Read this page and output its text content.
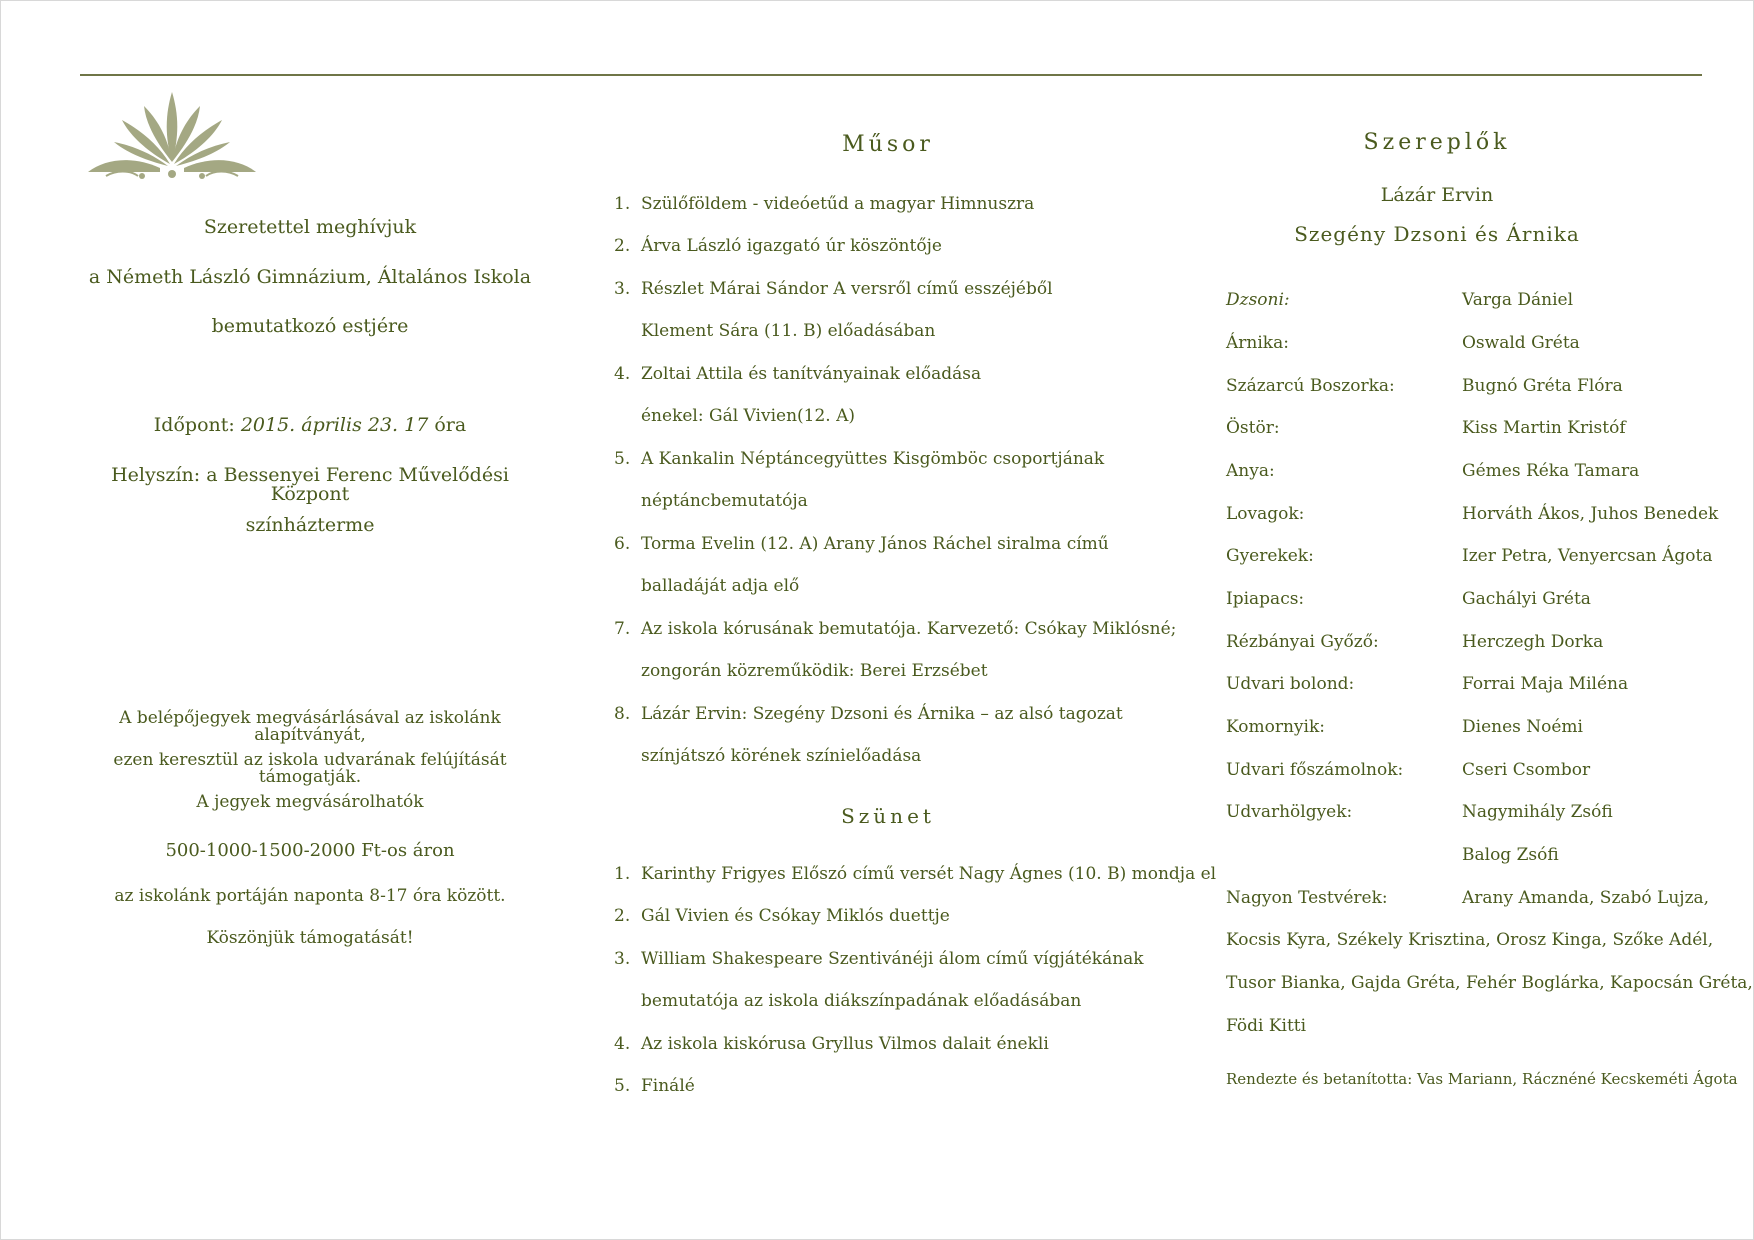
Szeretettel meghívjuk
a Németh László Gimnázium, Általános Iskola
bemutatkozó estjére
Időpont: 2015. április 23. 17 óra
Helyszín: a Bessenyei Ferenc Művelődési Központ
színházterme
A belépőjegyek megvásárlásával az iskolánk alapítványát,
ezen keresztül az iskola udvarának felújítását támogatják.
A jegyek megvásárolhatók
500-1000-1500-2000 Ft-os áron
az iskolánk portáján naponta 8-17 óra között.
Köszönjük támogatását!
Műsor
1. Szülőföldem - videóetűd a magyar Himnuszra
2. Árva László igazgató úr köszöntője
3. Részlet Márai Sándor A versről című esszéjéből
Klement Sára (11. B) előadásában
4. Zoltai Attila és tanítványainak előadása
énekel: Gál Vivien(12. A)
5. A Kankalin Néptáncegyüttes Kisgömböc csoportjának
néptáncbemutatója
6. Torma Evelin (12. A) Arany János Ráchel siralma című
balladáját adja elő
7. Az iskola kórusának bemutatója. Karvezető: Csókay Miklósné;
zongorán közreműködik: Berei Erzsébet
8. Lázár Ervin: Szegény Dzsoni és Árnika – az alsó tagozat
színjátszó körének színielőadása
Szünet
1. Karinthy Frigyes Előszó című versét Nagy Ágnes (10. B) mondja el
2. Gál Vivien és Csókay Miklós duettje
3. William Shakespeare Szentivánéji álom című vígjátékának
bemutatója az iskola diákszínpadának előadásában
4. Az iskola kiskórusa Gryllus Vilmos dalait énekli
5. Finálé
Szereplők
Lázár Ervin
Szegény Dzsoni és Árnika
Dzsoni:	Varga Dániel
Árnika:	Oswald Gréta
Százarcú Boszorka:	Bugnó Gréta Flóra
Östör:	Kiss Martin Kristóf
Anya:	Gémes Réka Tamara
Lovagok:	Horváth Ákos, Juhos Benedek
Gyerekek:	Izer Petra, Venyercsan Ágota
Ipiapacs:	Gachályi Gréta
Rézbányai Győző:	Herczegh Dorka
Udvari bolond:	Forrai Maja Miléna
Komornyik:	Dienes Noémi
Udvari főszámolnok:	Cseri Csombor
Udvarhölgyek:	Nagymihály Zsófi
Balog Zsófi
Nagyon Testvérek:	Arany Amanda, Szabó Lujza,
Kocsis Kyra, Székely Krisztina, Orosz Kinga, Szőke Adél,
Tusor Bianka, Gajda Gréta, Fehér Boglárka, Kapocsán Gréta,
Födi Kitti
Rendezte és betanította: Vas Mariann, Rácznéné Kecskeméti Ágota
